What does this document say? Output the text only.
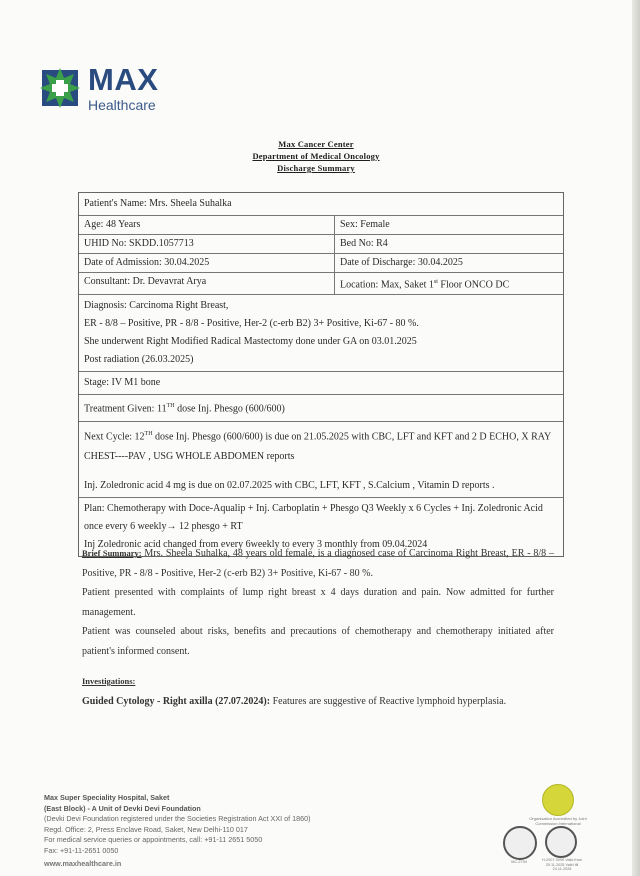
MAX
Healthcare
Max Cancer Center
Department of Medical Oncology
Discharge Summary
Patient's Name: Mrs. Sheela Suhalka
Age: 48 Years	Sex: Female
UHID No: SKDD.1057713	Bed No: R4
Date of Admission: 30.04.2025	Date of Discharge: 30.04.2025
Consultant: Dr. Devavrat Arya	Location: Max, Saket 1st Floor ONCO DC
Diagnosis: Carcinoma Right Breast,
ER - 8/8 – Positive, PR - 8/8 - Positive, Her-2 (c-erb B2) 3+ Positive, Ki-67 - 80 %.
She underwent Right Modified Radical Mastectomy done under GA on 03.01.2025
Post radiation (26.03.2025)
Stage: IV M1 bone
Treatment Given: 11TH dose Inj. Phesgo (600/600)
Next Cycle: 12TH dose Inj. Phesgo (600/600) is due on 21.05.2025 with CBC, LFT and KFT and 2 D ECHO, X RAY CHEST----PAV , USG WHOLE ABDOMEN reports
Inj. Zoledronic acid 4 mg is due on 02.07.2025 with CBC, LFT, KFT , S.Calcium , Vitamin D reports .
Plan: Chemotherapy with Doce-Aqualip + Inj. Carboplatin + Phesgo Q3 Weekly x 6 Cycles + Inj. Zoledronic Acid once every 6 weekly→ 12 phesgo + RT
Inj Zoledronic acid changed from every 6weekly to every 3 monthly from 09.04.2024
Brief Summary: Mrs. Sheela Suhalka, 48 years old female, is a diagnosed case of Carcinoma Right Breast, ER - 8/8 – Positive, PR - 8/8 - Positive, Her-2 (c-erb B2) 3+ Positive, Ki-67 - 80 %.
Patient presented with complaints of lump right breast x 4 days duration and pain. Now admitted for further management.
Patient was counseled about risks, benefits and precautions of chemotherapy and chemotherapy initiated after patient's informed consent.
Investigations:
Guided Cytology - Right axilla (27.07.2024): Features are suggestive of Reactive lymphoid hyperplasia.
Max Super Speciality Hospital, Saket
(East Block) - A Unit of Devki Devi Foundation
(Devki Devi Foundation registered under the Societies Registration Act XXI of 1860)
Regd. Office: 2, Press Enclave Road, Saket, New Delhi-110 017
For medical service queries or appointments, call: +91-11 2651 5050
Fax: +91-11-2651 0050
www.maxhealthcare.in
Organisation Accredited by Joint Commission International
MC-2794	H-2007-0099 Valid from 25.11.2025 Valid till 24.11.2028
